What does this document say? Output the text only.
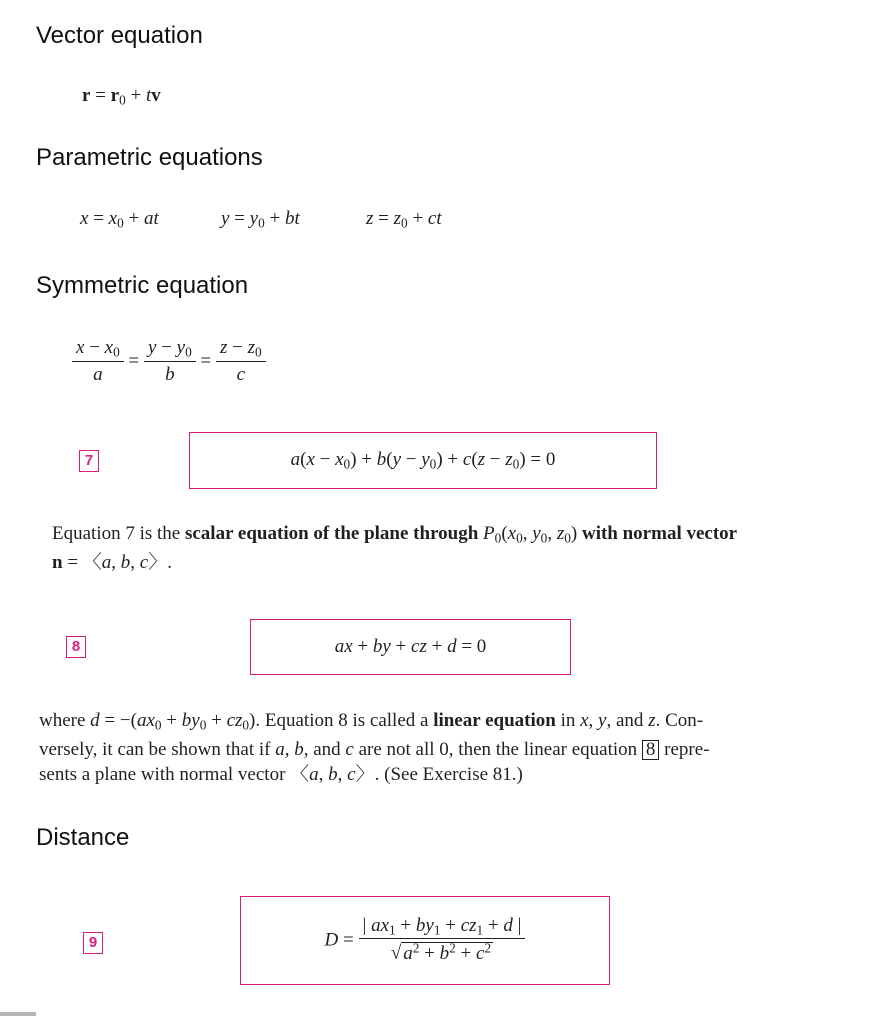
Vector equation
$r = r_0$ + tv
Parametric equations
$x = x_0$ + at	$y = y_0$ + bt	$z = z_0$ + ct
Symmetric equation
$\frac{x - x_0}{a} = \frac{y - y_0}{b} = \frac{z - z_0}{c}$
7	$a(x - x_0) + b(y - y_0) + c(z - z_0) = 0$
Equation 7 is the scalar equation of the plane through $P_0(x_0$, $y_0$, $z_0$) with normal vector
n = 〈a, b, c〉.
8	ax + by + cz + d = 0
where $d = -(ax_0 + by_0 + cz_0)$. Equation 8 is called a linear equation in x, y, and z. Con-
versely, it can be shown that if a, b, and c are not all 0, then the linear equation 8 repre-
sents a plane with normal vector 〈a, b, c〉. (See Exercise 81.)
Distance
9	$D = \frac{| ax_1 + by_1 + cz_1 + d |}{√ a^2 + b^2 + c^2}$
